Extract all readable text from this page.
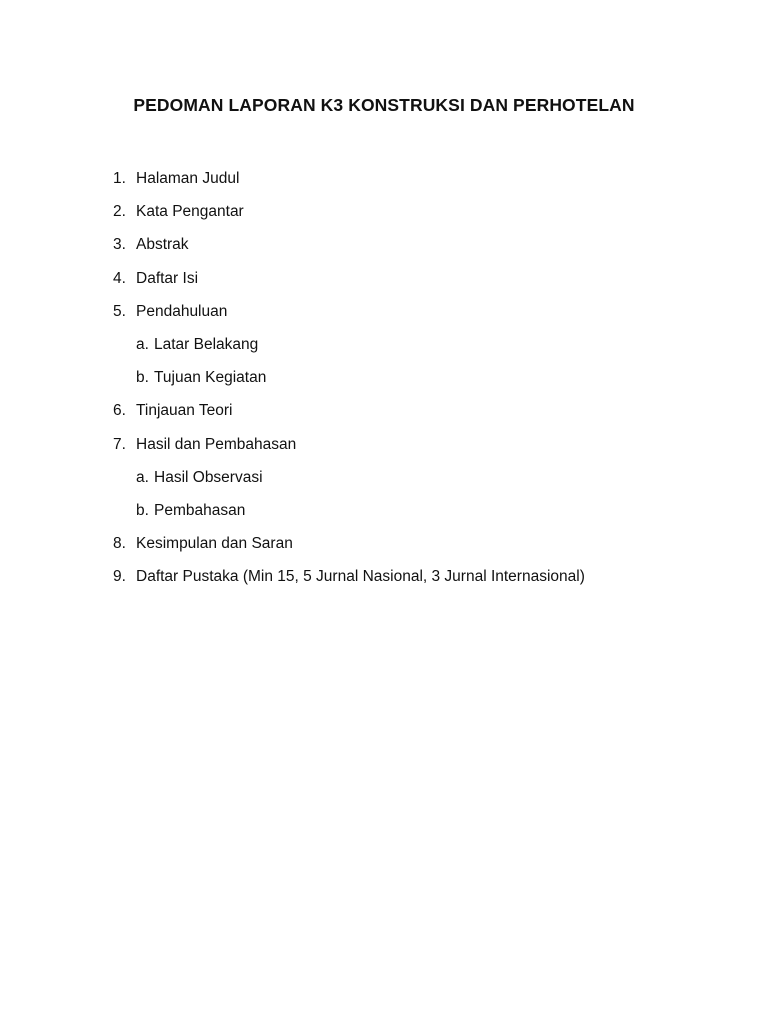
PEDOMAN LAPORAN K3 KONSTRUKSI DAN PERHOTELAN
1. Halaman Judul
2. Kata Pengantar
3. Abstrak
4. Daftar Isi
5. Pendahuluan
a. Latar Belakang
b. Tujuan Kegiatan
6. Tinjauan Teori
7. Hasil dan Pembahasan
a. Hasil Observasi
b. Pembahasan
8. Kesimpulan dan Saran
9. Daftar Pustaka (Min 15, 5 Jurnal Nasional, 3 Jurnal Internasional)
